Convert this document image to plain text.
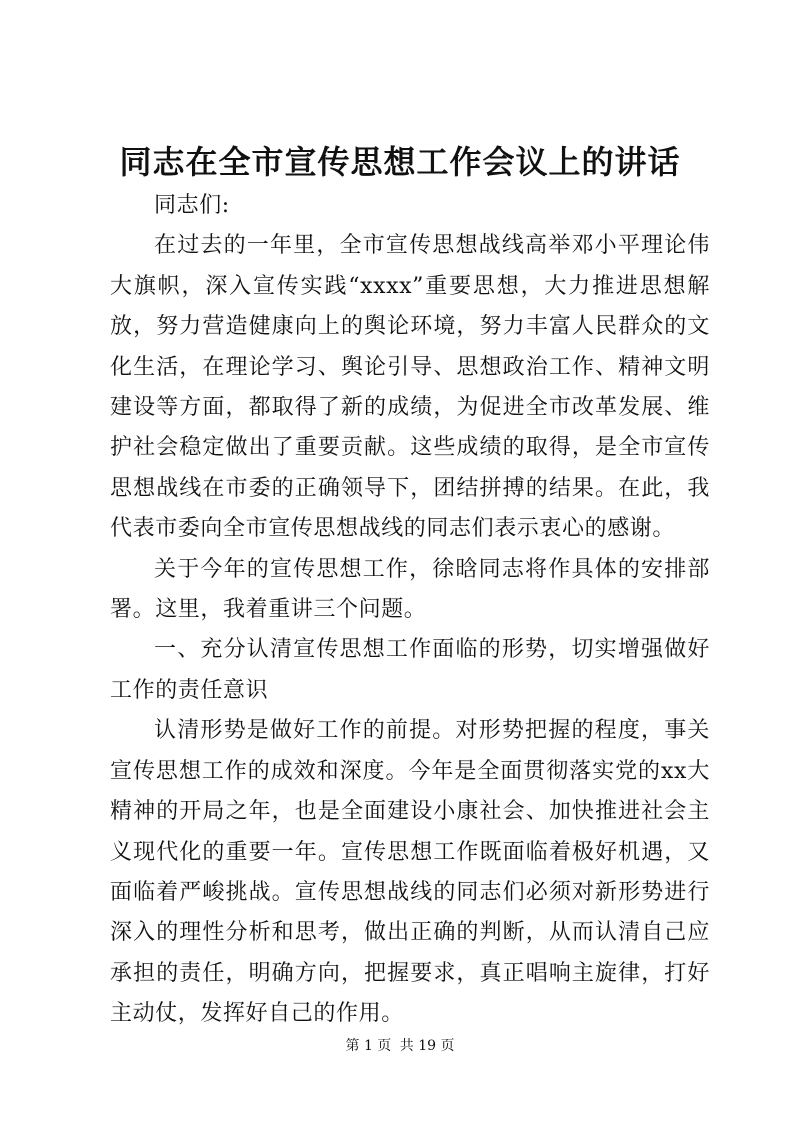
同志在全市宣传思想工作会议上的讲话

同志们:

在过去的一年里，全市宣传思想战线高举邓小平理论伟大旗帜，深入宣传实践“xxxx”重要思想，大力推进思想解放，努力营造健康向上的舆论环境，努力丰富人民群众的文化生活，在理论学习、舆论引导、思想政治工作、精神文明建设等方面，都取得了新的成绩，为促进全市改革发展、维护社会稳定做出了重要贡献。这些成绩的取得，是全市宣传思想战线在市委的正确领导下，团结拼搏的结果。在此，我代表市委向全市宣传思想战线的同志们表示衷心的感谢。

关于今年的宣传思想工作，徐晗同志将作具体的安排部署。这里，我着重讲三个问题。

一、充分认清宣传思想工作面临的形势，切实增强做好工作的责任意识

认清形势是做好工作的前提。对形势把握的程度，事关宣传思想工作的成效和深度。今年是全面贯彻落实党的xx大精神的开局之年，也是全面建设小康社会、加快推进社会主义现代化的重要一年。宣传思想工作既面临着极好机遇，又面临着严峻挑战。宣传思想战线的同志们必须对新形势进行深入的理性分析和思考，做出正确的判断，从而认清自己应承担的责任，明确方向，把握要求，真正唱响主旋律，打好主动仗，发挥好自己的作用。

第 1 页 共 19 页
